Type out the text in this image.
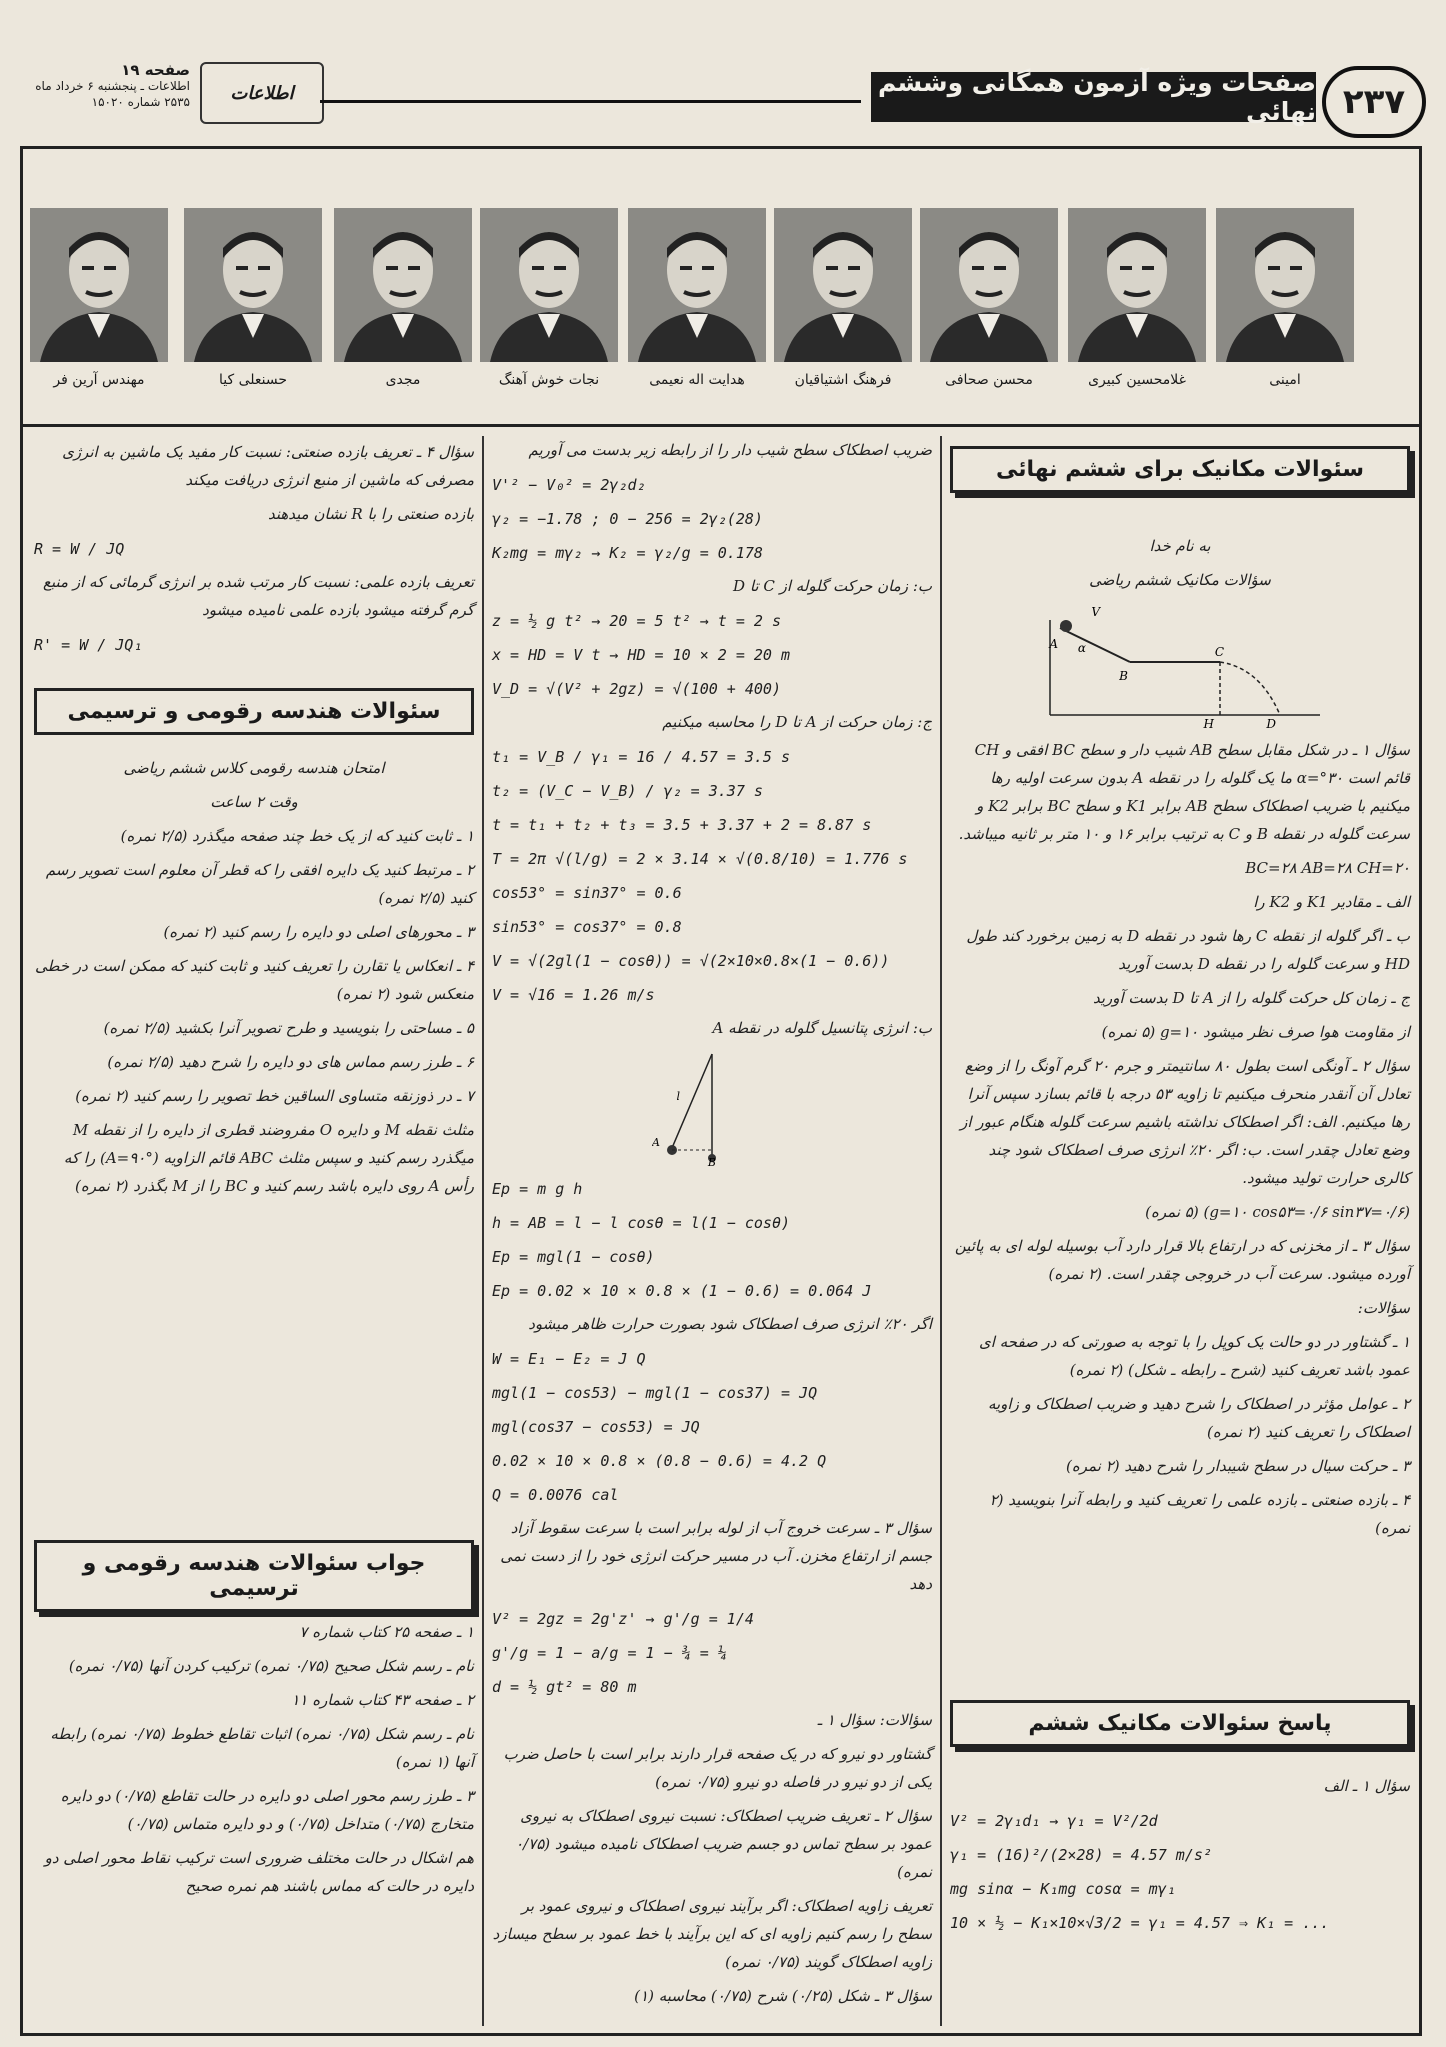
صفحه ۱۹
اطلاعات ـ پنجشنبه ۶ خرداد ماه
۲۵۳۵ شماره ۱۵۰۲۰	اطلاعات	صفحات ویژه آزمون همگانی وششم نهائی ۲۳۷
امینی
غلامحسین کبیری
محسن صحافی
فرهنگ اشتیاقیان
هدایت اله نعیمی
نجات خوش آهنگ
مجدی
حسنعلی کیا
مهندس آرین فر
سئوالات مکانیک برای ششم نهائی

به نام خدا

سؤالات مکانیک ششم ریاضی

V
A
B
C
H	D
α

سؤال ۱ ـ در شکل مقابل سطح AB شیب دار و سطح BC افقی و CH قائم است ۳۰°=α ما یک گلوله را در نقطه A بدون سرعت اولیه رها میکنیم با ضریب اصطکاک سطح AB برابر K1 و سطح BC برابر K2 و سرعت گلوله در نقطه B و C به ترتیب برابر ۱۶ و ۱۰ متر بر ثانیه میباشد.

BC=۲۸ AB=۲۸ CH=۲۰

الف ـ مقادیر K1 و K2 را

ب ـ اگر گلوله از نقطه C رها شود در نقطه D به زمین برخورد کند طول HD و سرعت گلوله را در نقطه D بدست آورید

ج ـ زمان کل حرکت گلوله را از A تا D بدست آورید

از مقاومت هوا صرف نظر میشود g=۱۰ (۵ نمره)

سؤال ۲ ـ آونگی است بطول ۸۰ سانتیمتر و جرم ۲۰ گرم آونگ را از وضع تعادل آن آنقدر منحرف میکنیم تا زاویه ۵۳ درجه با قائم بسازد سپس آنرا رها میکنیم. الف: اگر اصطکاک نداشته باشیم سرعت گلوله هنگام عبور از وضع تعادل چقدر است. ب: اگر ۲۰٪ انرژی صرف اصطکاک شود چند کالری حرارت تولید میشود.

(g=۱۰ cos۵۳=۰/۶ sin۳۷=۰/۶) (۵ نمره)

سؤال ۳ ـ از مخزنی که در ارتفاع بالا قرار دارد آب بوسیله لوله ای به پائین آورده میشود. سرعت آب در خروجی چقدر است. (۲ نمره)

سؤالات:

۱ ـ گشتاور در دو حالت یک کوپل را با توجه به صورتی که در صفحه ای عمود باشد تعریف کنید (شرح ـ رابطه ـ شکل) (۲ نمره)

۲ ـ عوامل مؤثر در اصطکاک را شرح دهید و ضریب اصطکاک و زاویه اصطکاک را تعریف کنید (۲ نمره)

۳ ـ حرکت سیال در سطح شیبدار را شرح دهید (۲ نمره)

۴ ـ بازده صنعتی ـ بازده علمی را تعریف کنید و رابطه آنرا بنویسید (۲ نمره)

پاسخ سئوالات مکانیک ششم

سؤال ۱ ـ الف

V² = 2γ₁d₁ → γ₁ = V²/2d
γ₁ = (16)²/(2×28) = 4.57 m/s²
mg sinα − K₁mg cosα = mγ₁
10 × ½ − K₁×10×√3/2 = γ₁ = 4.57 ⇒ K₁ = ...

ضریب اصطکاک سطح شیب دار را از رابطه زیر بدست می آوریم

V'² − V₀² = 2γ₂d₂
γ₂ = −1.78 ; 0 − 256 = 2γ₂(28)
K₂mg = mγ₂ → K₂ = γ₂/g = 0.178

ب: زمان حرکت گلوله از C تا D

z = ½ g t² → 20 = 5 t² → t = 2 s
x = HD = V t → HD = 10 × 2 = 20 m
V_D = √(V² + 2gz) = √(100 + 400)

ج: زمان حرکت از A تا D را محاسبه میکنیم

t₁ = V_B / γ₁ = 16 / 4.57 = 3.5 s
t₂ = (V_C − V_B) / γ₂ = 3.37 s
t = t₁ + t₂ + t₃ = 3.5 + 3.37 + 2 = 8.87 s
T = 2π √(l/g) = 2 × 3.14 × √(0.8/10) = 1.776 s
cos53° = sin37° = 0.6
sin53° = cos37° = 0.8
V = √(2gl(1 − cosθ)) = √(2×10×0.8×(1 − 0.6))
V = √16 = 1.26 m/s

ب: انرژی پتانسیل گلوله در نقطه A

A
B
l
Ep = m g h
h = AB = l − l cosθ = l(1 − cosθ)
Ep = mgl(1 − cosθ)
Ep = 0.02 × 10 × 0.8 × (1 − 0.6) = 0.064 J

اگر ۲۰٪ انرژی صرف اصطکاک شود بصورت حرارت ظاهر میشود

W = E₁ − E₂ = J Q
mgl(1 − cos53) − mgl(1 − cos37) = JQ
mgl(cos37 − cos53) = JQ
0.02 × 10 × 0.8 × (0.8 − 0.6) = 4.2 Q
Q = 0.0076 cal

سؤال ۳ ـ سرعت خروج آب از لوله برابر است با سرعت سقوط آزاد جسم از ارتفاع مخزن. آب در مسیر حرکت انرژی خود را از دست نمی دهد

V² = 2gz = 2g'z' → g'/g = 1/4
g'/g = 1 − a/g = 1 − ¾ = ¼
d = ½ gt² = 80 m

سؤالات: سؤال ۱ ـ

گشتاور دو نیرو که در یک صفحه قرار دارند برابر است با حاصل ضرب یکی از دو نیرو در فاصله دو نیرو (۰/۷۵ نمره)

سؤال ۲ ـ تعریف ضریب اصطکاک: نسبت نیروی اصطکاک به نیروی عمود بر سطح تماس دو جسم ضریب اصطکاک نامیده میشود (۰/۷۵ نمره)

تعریف زاویه اصطکاک: اگر برآیند نیروی اصطکاک و نیروی عمود بر سطح را رسم کنیم زاویه ای که این برآیند با خط عمود بر سطح میسازد زاویه اصطکاک گویند (۰/۷۵ نمره)

سؤال ۳ ـ شکل (۰/۲۵) شرح (۰/۷۵) محاسبه (۱)

سؤال ۴ ـ تعریف بازده صنعتی: نسبت کار مفید یک ماشین به انرژی مصرفی که ماشین از منبع انرژی دریافت میکند

بازده صنعتی را با R نشان میدهند

R = W / JQ

تعریف بازده علمی: نسبت کار مرتب شده بر انرژی گرمائی که از منبع گرم گرفته میشود بازده علمی نامیده میشود

R' = W / JQ₁
سئوالات هندسه رقومی و ترسیمی

امتحان هندسه رقومی کلاس ششم ریاضی

وقت ۲ ساعت

۱ ـ ثابت کنید که از یک خط چند صفحه میگذرد (۲/۵ نمره)

۲ ـ مرتبط کنید یک دایره افقی را که قطر آن معلوم است تصویر رسم کنید (۲/۵ نمره)

۳ ـ محورهای اصلی دو دایره را رسم کنید (۲ نمره)

۴ ـ انعکاس یا تقارن را تعریف کنید و ثابت کنید که ممکن است در خطی منعکس شود (۲ نمره)

۵ ـ مساحتی را بنویسید و طرح تصویر آنرا بکشید (۲/۵ نمره)

۶ ـ طرز رسم مماس های دو دایره را شرح دهید (۲/۵ نمره)

۷ ـ در ذوزنقه متساوی الساقین خط تصویر را رسم کنید (۲ نمره)

مثلث نقطه M و دایره O مفروضند قطری از دایره را از نقطه M میگذرد رسم کنید و سپس مثلث ABC قائم الزاویه (A=۹۰°) را که رأس A روی دایره باشد رسم کنید و BC را از M بگذرد (۲ نمره)

جواب سئوالات هندسه رقومی و ترسیمی

۱ ـ صفحه ۲۵ کتاب شماره ۷

نام ـ رسم شکل صحیح (۰/۷۵ نمره) ترکیب کردن آنها (۰/۷۵ نمره)

۲ ـ صفحه ۴۳ کتاب شماره ۱۱

نام ـ رسم شکل (۰/۷۵ نمره) اثبات تقاطع خطوط (۰/۷۵ نمره) رابطه آنها (۱ نمره)

۳ ـ طرز رسم محور اصلی دو دایره در حالت تقاطع (۰/۷۵) دو دایره متخارج (۰/۷۵) متداخل (۰/۷۵) و دو دایره متماس (۰/۷۵)

هم اشکال در حالت مختلف ضروری است ترکیب نقاط محور اصلی دو دایره در حالت که مماس باشند هم نمره صحیح
